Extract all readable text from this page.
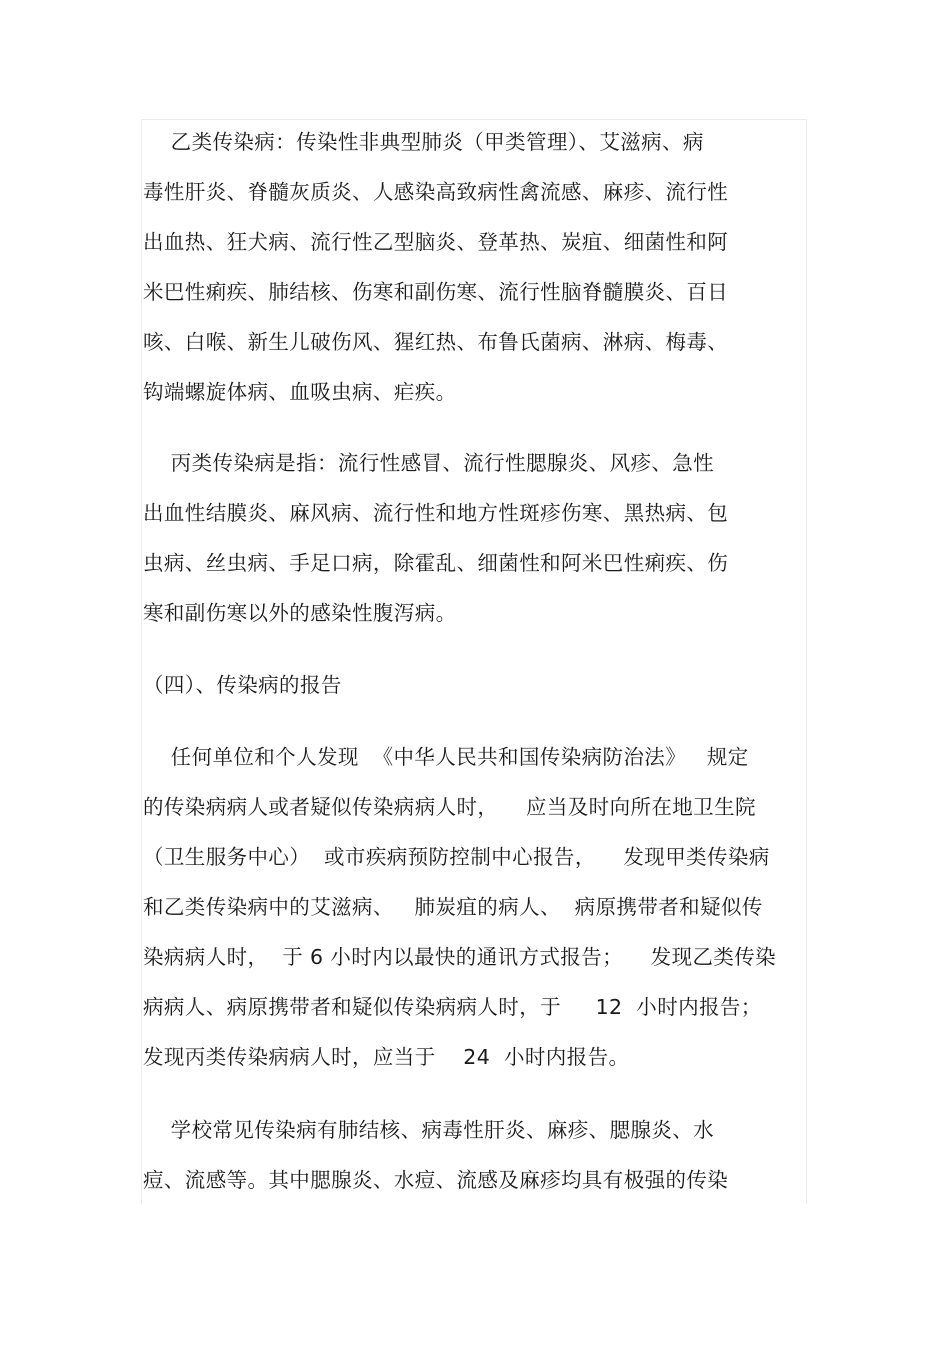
乙类传染病：传染性非典型肺炎（甲类管理）、艾滋病、病
毒性肝炎、脊髓灰质炎、人感染高致病性禽流感、麻疹、流行性
出血热、狂犬病、流行性乙型脑炎、登革热、炭疽、细菌性和阿
米巴性痢疾、肺结核、伤寒和副伤寒、流行性脑脊髓膜炎、百日
咳、白喉、新生儿破伤风、猩红热、布鲁氏菌病、淋病、梅毒、
钩端螺旋体病、血吸虫病、疟疾。
丙类传染病是指：流行性感冒、流行性腮腺炎、风疹、急性
出血性结膜炎、麻风病、流行性和地方性斑疹伤寒、黑热病、包
虫病、丝虫病、手足口病，除霍乱、细菌性和阿米巴性痢疾、伤
寒和副伤寒以外的感染性腹泻病。
（四）、传染病的报告
任何单位和个人发现  《中华人民共和国传染病防治法》   规定
的传染病病人或者疑似传染病病人时，    应当及时向所在地卫生院
（卫生服务中心）  或市疾病预防控制中心报告，    发现甲类传染病
和乙类传染病中的艾滋病、   肺炭疽的病人、  病原携带者和疑似传
染病病人时，  于 6 小时内以最快的通讯方式报告；    发现乙类传染
病病人、病原携带者和疑似传染病病人时，于     12  小时内报告；
发现丙类传染病病人时，应当于    24  小时内报告。
学校常见传染病有肺结核、病毒性肝炎、麻疹、腮腺炎、水
痘、流感等。其中腮腺炎、水痘、流感及麻疹均具有极强的传染
